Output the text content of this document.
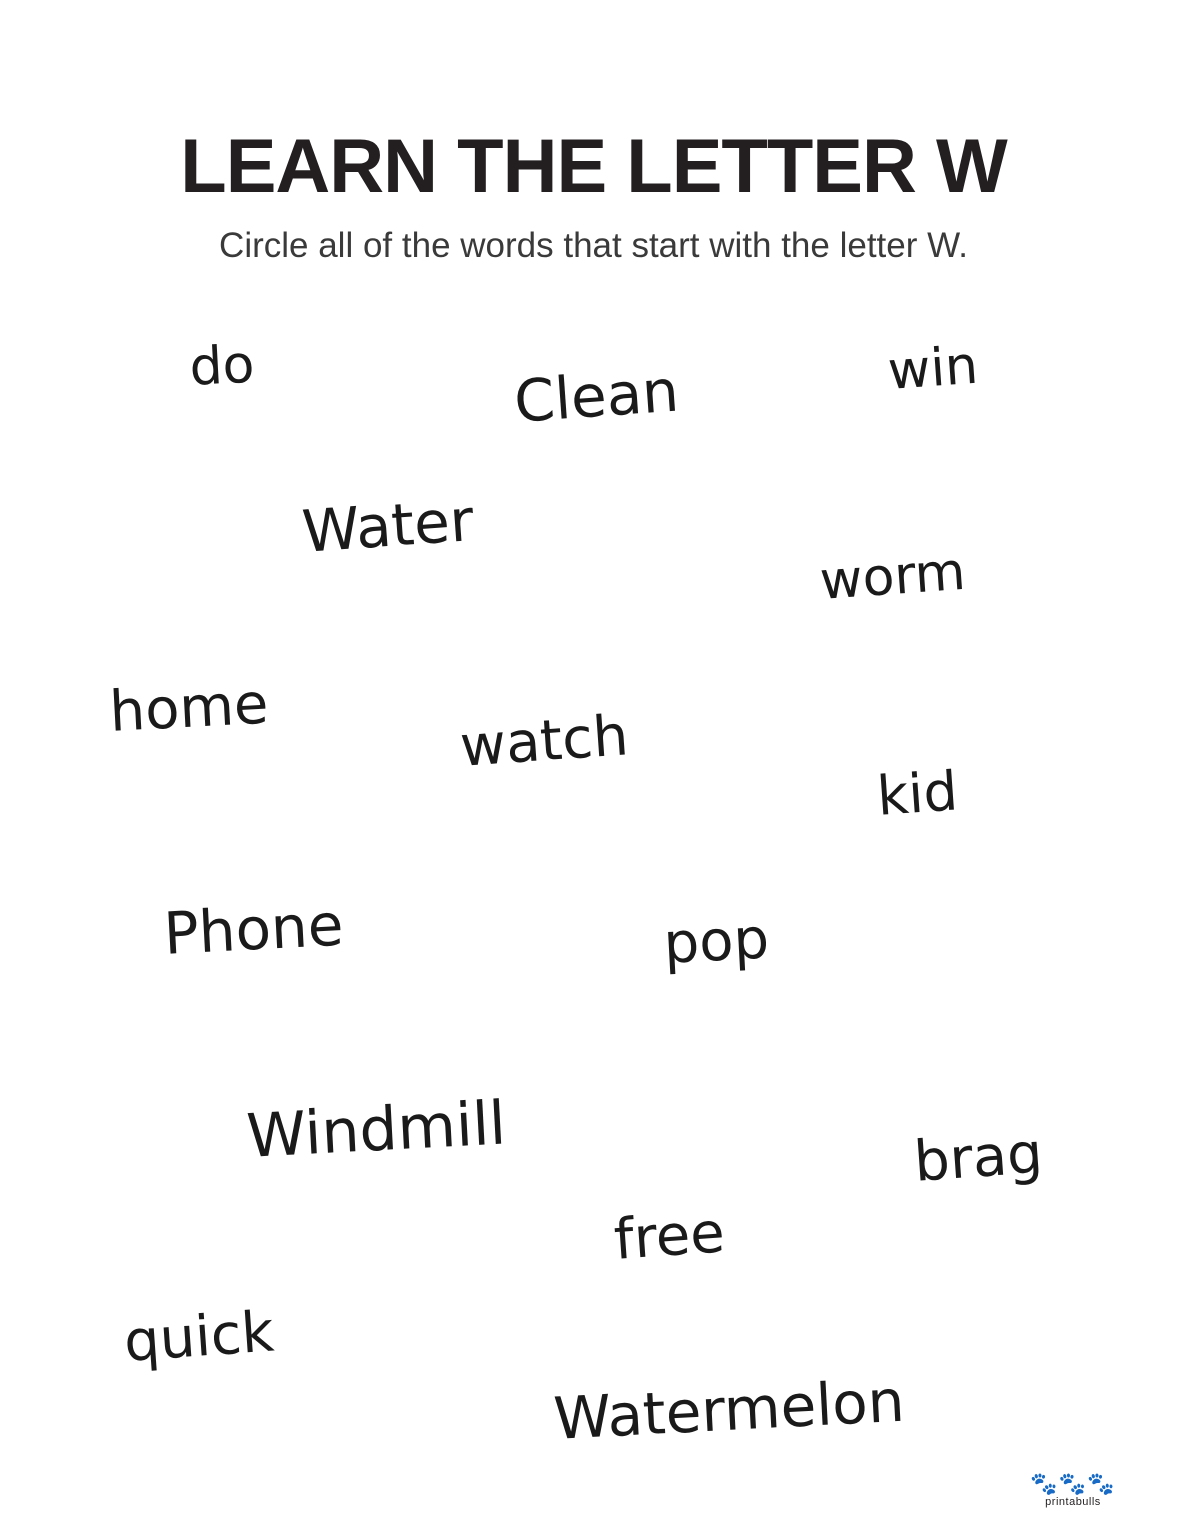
LEARN THE LETTER W

Circle all of the words that start with the letter W.

do	Clean	win
Water
worm
home	watch
kid
Phone	pop
Windmill	brag
free
quick
Watermelon
🐾🐾🐾
printabulls
